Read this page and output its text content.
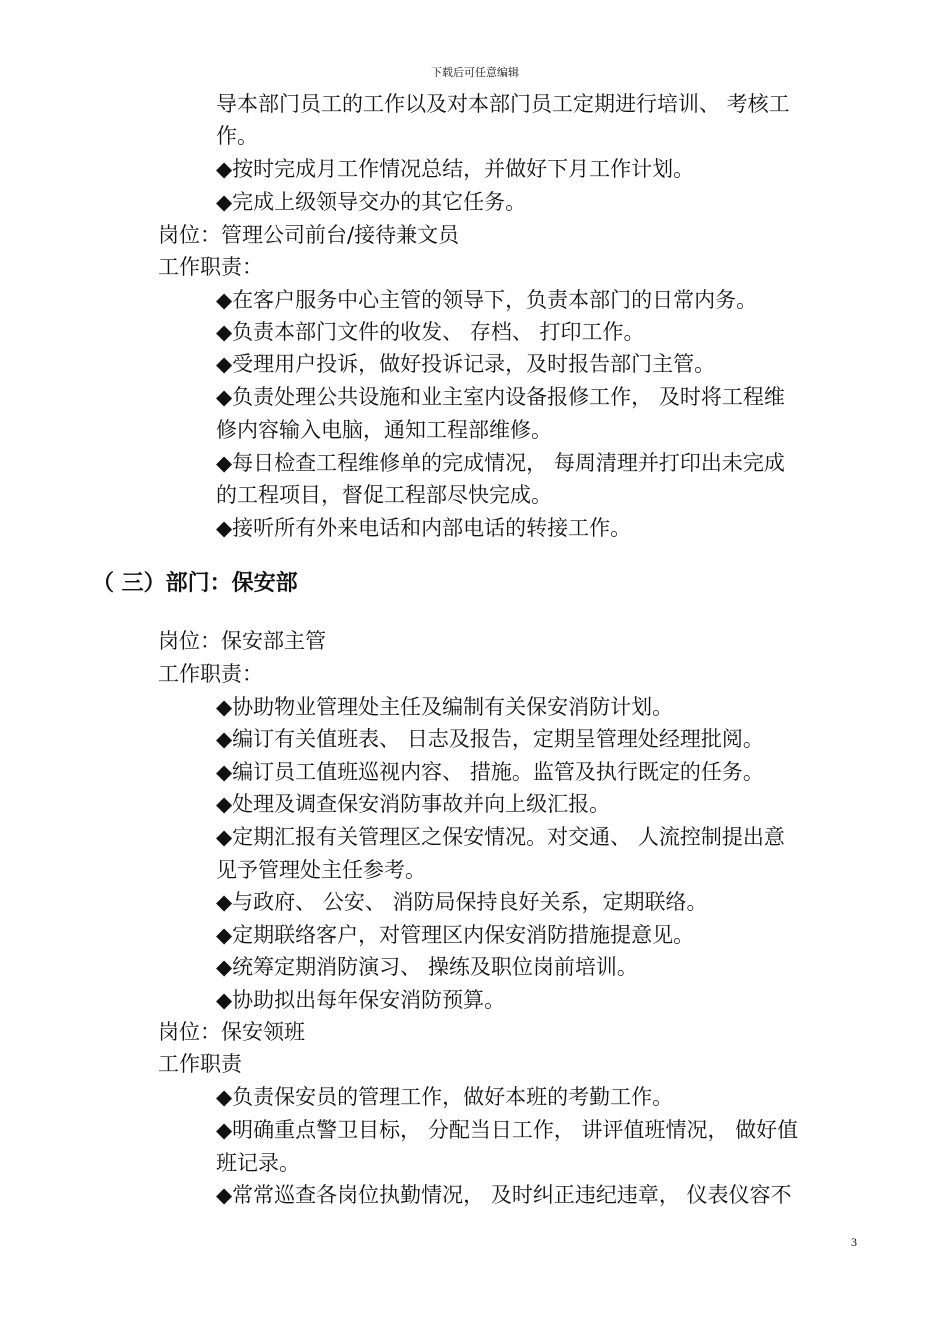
下载后可任意编辑
导本部门员工的工作以及对本部门员工定期进行培训、 考核工
作。
◆按时完成月工作情况总结，并做好下月工作计划。
◆完成上级领导交办的其它任务。
岗位：管理公司前台/接待兼文员
工作职责：
◆在客户服务中心主管的领导下，负责本部门的日常内务。
◆负责本部门文件的收发、 存档、 打印工作。
◆受理用户投诉，做好投诉记录，及时报告部门主管。
◆负责处理公共设施和业主室内设备报修工作， 及时将工程维
修内容输入电脑，通知工程部维修。
◆每日检查工程维修单的完成情况， 每周清理并打印出未完成
的工程项目，督促工程部尽快完成。
◆接听所有外来电话和内部电话的转接工作。
（ 三）部门：保安部
岗位：保安部主管
工作职责：
◆协助物业管理处主任及编制有关保安消防计划。
◆编订有关值班表、 日志及报告，定期呈管理处经理批阅。
◆编订员工值班巡视内容、 措施。监管及执行既定的任务。
◆处理及调查保安消防事故并向上级汇报。
◆定期汇报有关管理区之保安情况。对交通、 人流控制提出意
见予管理处主任参考。
◆与政府、 公安、 消防局保持良好关系，定期联络。
◆定期联络客户，对管理区内保安消防措施提意见。
◆统筹定期消防演习、 操练及职位岗前培训。
◆协助拟出每年保安消防预算。
岗位：保安领班
工作职责
◆负责保安员的管理工作，做好本班的考勤工作。
◆明确重点警卫目标， 分配当日工作， 讲评值班情况， 做好值
班记录。
◆常常巡查各岗位执勤情况， 及时纠正违纪违章， 仪表仪容不
3
